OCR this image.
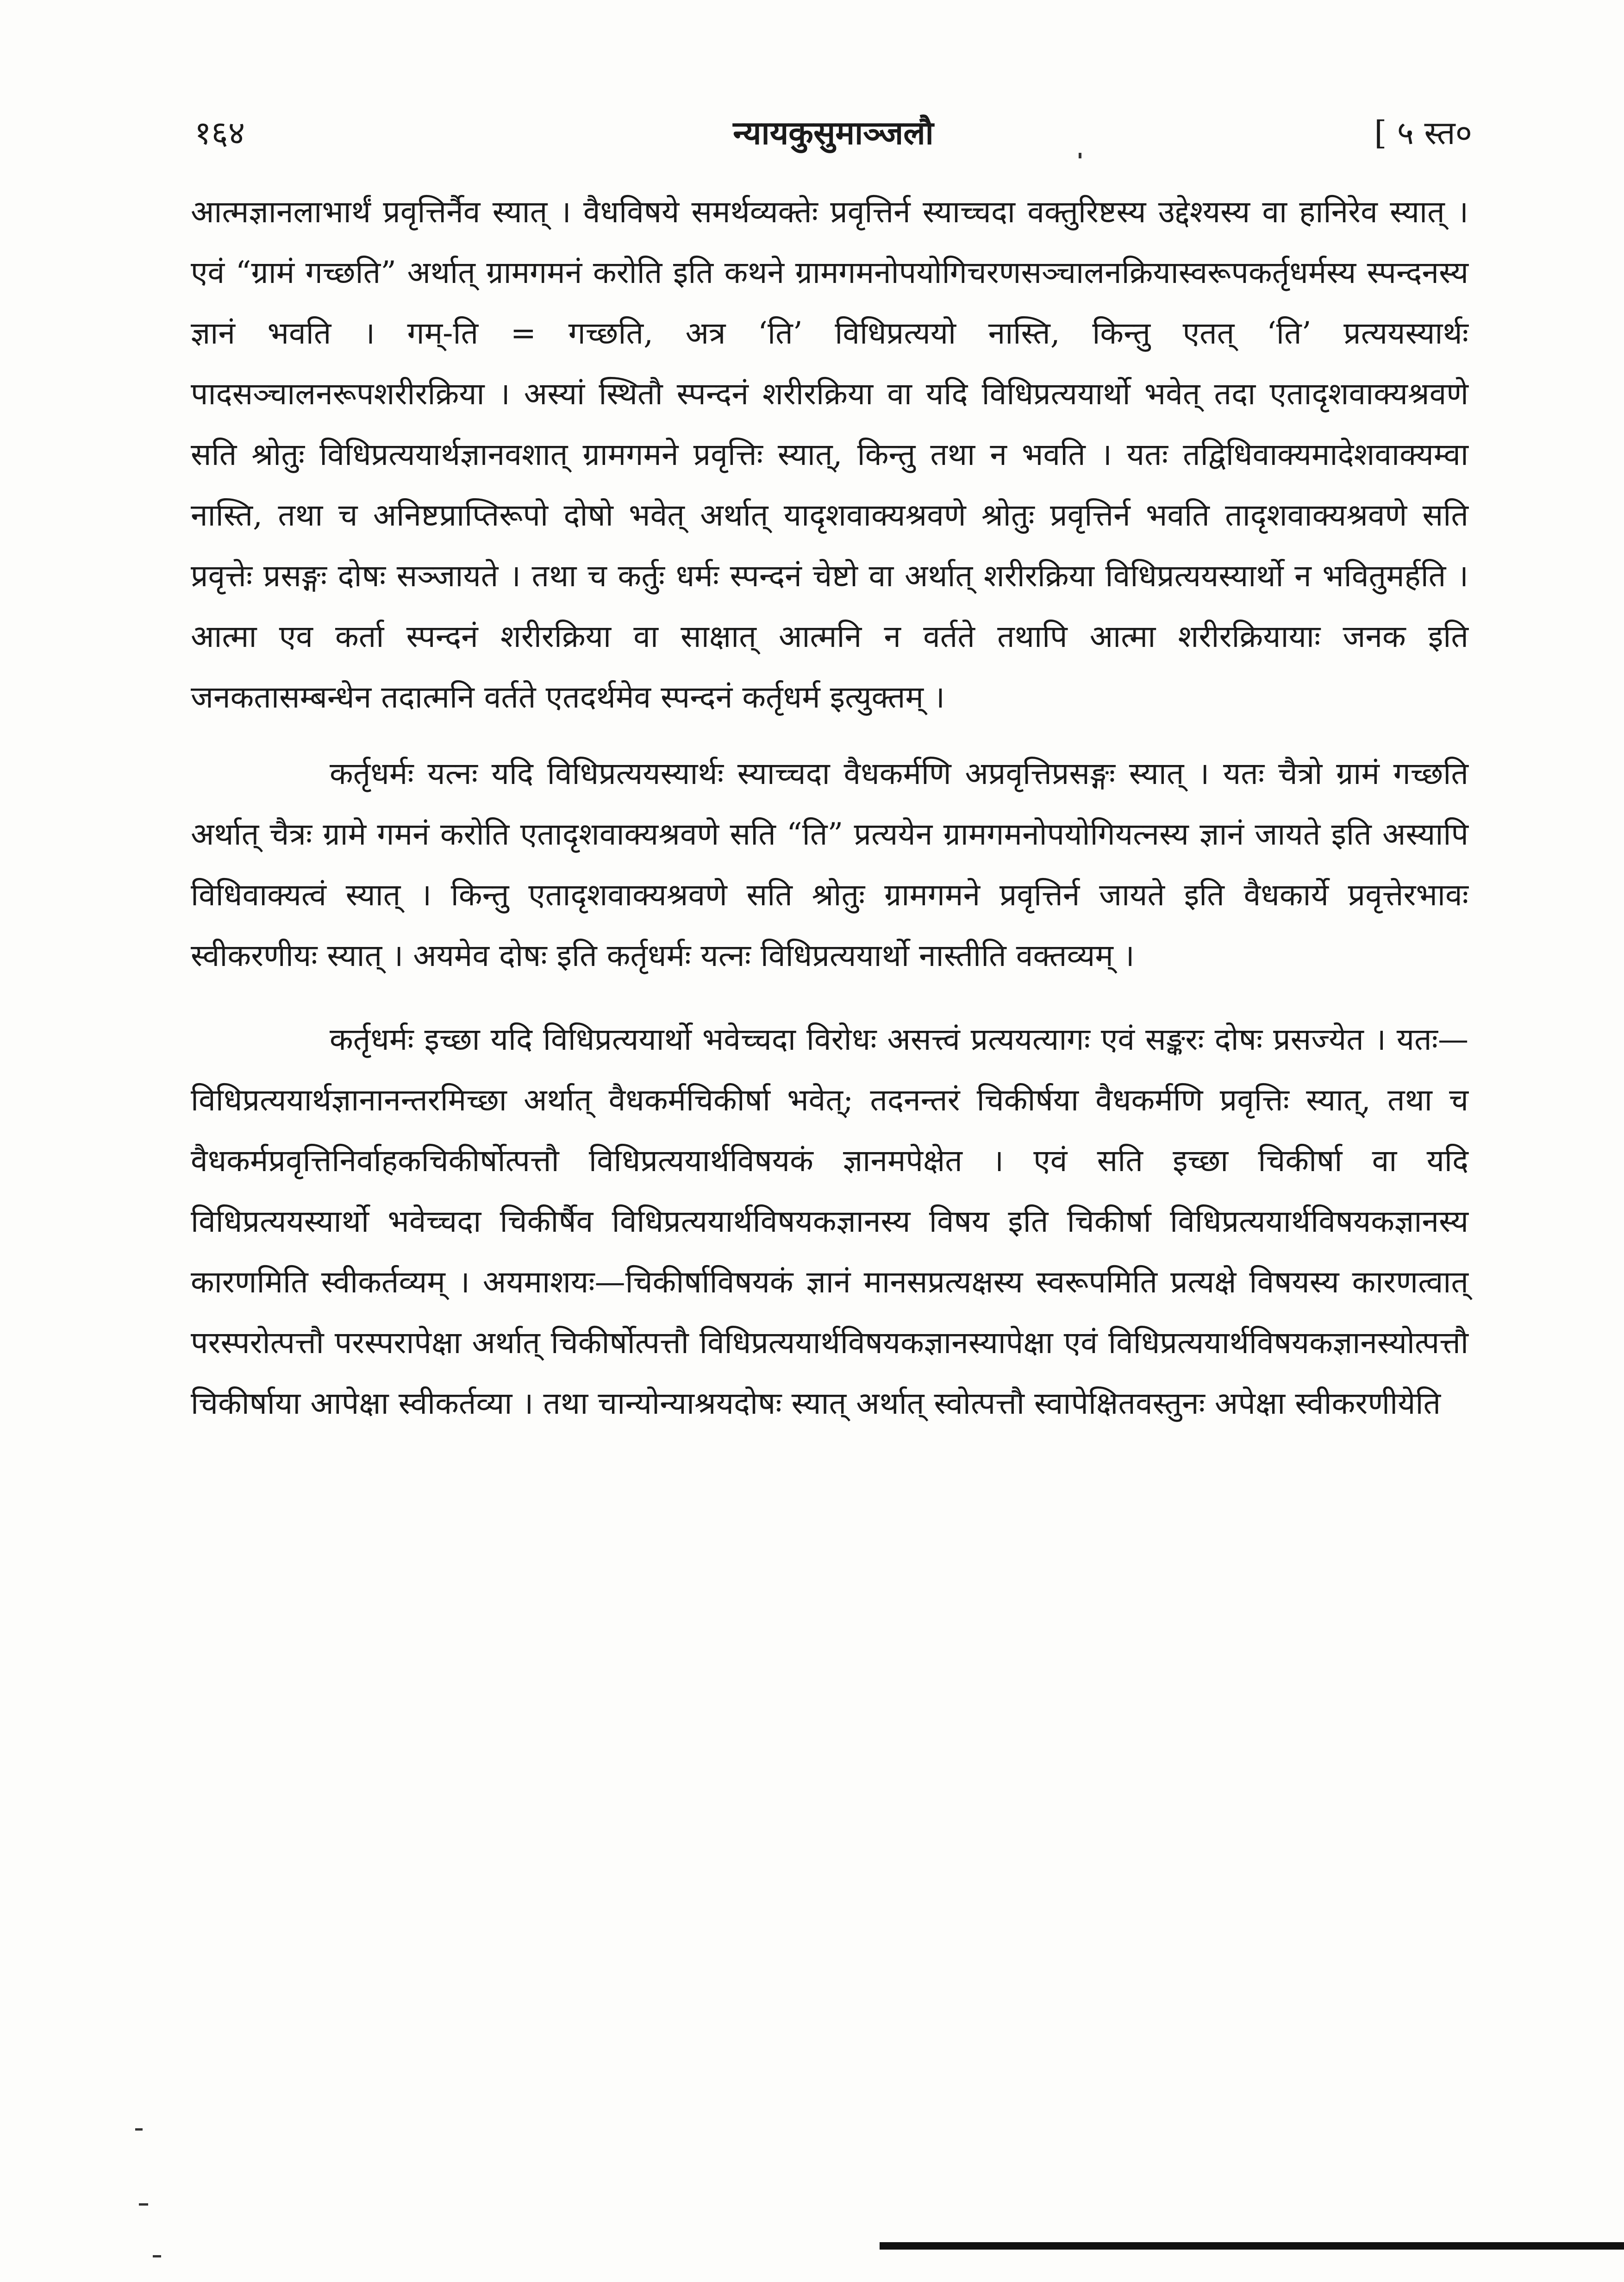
१६४	न्यायकुसुमाञ्जलौ	[ ५ स्त०

आत्मज्ञानलाभार्थं प्रवृत्तिर्नैव स्यात् । वैधविषये समर्थव्यक्तेः प्रवृत्तिर्न स्याच्चदा वक्तुरिष्टस्य उद्देश्यस्य वा हानिरेव स्यात् । एवं “ग्रामं गच्छति” अर्थात् ग्रामगमनं करोति इति कथने ग्रामगमनोपयोगिचरणसञ्चालनक्रियास्वरूपकर्तृधर्मस्य स्पन्दनस्य ज्ञानं भवति । गम्-ति = गच्छति, अत्र ‘ति’ विधिप्रत्ययो नास्ति, किन्तु एतत् ‘ति’ प्रत्ययस्यार्थः पादसञ्चालनरूपशरीरक्रिया । अस्यां स्थितौ स्पन्दनं शरीरक्रिया वा यदि विधिप्रत्ययार्थो भवेत् तदा एतादृशवाक्यश्रवणे सति श्रोतुः विधिप्रत्ययार्थज्ञानवशात् ग्रामगमने प्रवृत्तिः स्यात्, किन्तु तथा न भवति । यतः तद्विधिवाक्यमादेशवाक्यम्वा नास्ति, तथा च अनिष्टप्राप्तिरूपो दोषो भवेत् अर्थात् यादृशवाक्यश्रवणे श्रोतुः प्रवृत्तिर्न भवति तादृशवाक्यश्रवणे सति प्रवृत्तेः प्रसङ्गः दोषः सञ्जायते । तथा च कर्तुः धर्मः स्पन्दनं चेष्टो वा अर्थात् शरीरक्रिया विधिप्रत्ययस्यार्थो न भवितुमर्हति । आत्मा एव कर्ता स्पन्दनं शरीरक्रिया वा साक्षात् आत्मनि न वर्तते तथापि आत्मा शरीरक्रियायाः जनक इति जनकतासम्बन्धेन तदात्मनि वर्तते एतदर्थमेव स्पन्दनं कर्तृधर्म इत्युक्तम् ।

कर्तृधर्मः यत्नः यदि विधिप्रत्ययस्यार्थः स्याच्चदा वैधकर्मणि अप्रवृत्तिप्रसङ्गः स्यात् । यतः चैत्रो ग्रामं गच्छति अर्थात् चैत्रः ग्रामे गमनं करोति एतादृशवाक्यश्रवणे सति “ति” प्रत्ययेन ग्रामगमनोपयोगियत्नस्य ज्ञानं जायते इति अस्यापि विधिवाक्यत्वं स्यात् । किन्तु एतादृशवाक्यश्रवणे सति श्रोतुः ग्रामगमने प्रवृत्तिर्न जायते इति वैधकार्ये प्रवृत्तेरभावः स्वीकरणीयः स्यात् । अयमेव दोषः इति कर्तृधर्मः यत्नः विधिप्रत्ययार्थो नास्तीति वक्तव्यम् ।

कर्तृधर्मः इच्छा यदि विधिप्रत्ययार्थो भवेच्चदा विरोधः असत्त्वं प्रत्ययत्यागः एवं सङ्करः दोषः प्रसज्येत । यतः—विधिप्रत्ययार्थज्ञानानन्तरमिच्छा अर्थात् वैधकर्मचिकीर्षा भवेत्; तदनन्तरं चिकीर्षया वैधकर्मणि प्रवृत्तिः स्यात्, तथा च वैधकर्मप्रवृत्तिनिर्वाहकचिकीर्षोत्पत्तौ विधिप्रत्ययार्थविषयकं ज्ञानमपेक्षेत । एवं सति इच्छा चिकीर्षा वा यदि विधिप्रत्ययस्यार्थो भवेच्चदा चिकीर्षैव विधिप्रत्ययार्थविषयकज्ञानस्य विषय इति चिकीर्षा विधिप्रत्ययार्थविषयकज्ञानस्य कारणमिति स्वीकर्तव्यम् । अयमाशयः—चिकीर्षाविषयकं ज्ञानं मानसप्रत्यक्षस्य स्वरूपमिति प्रत्यक्षे विषयस्य कारणत्वात् परस्परोत्पत्तौ परस्परापेक्षा अर्थात् चिकीर्षोत्पत्तौ विधिप्रत्ययार्थविषयकज्ञानस्यापेक्षा एवं विधिप्रत्ययार्थविषयकज्ञानस्योत्पत्तौ चिकीर्षाया आपेक्षा स्वीकर्तव्या । तथा चान्योन्याश्रयदोषः स्यात् अर्थात् स्वोत्पत्तौ स्वापेक्षितवस्तुनः अपेक्षा स्वीकरणीयेति
